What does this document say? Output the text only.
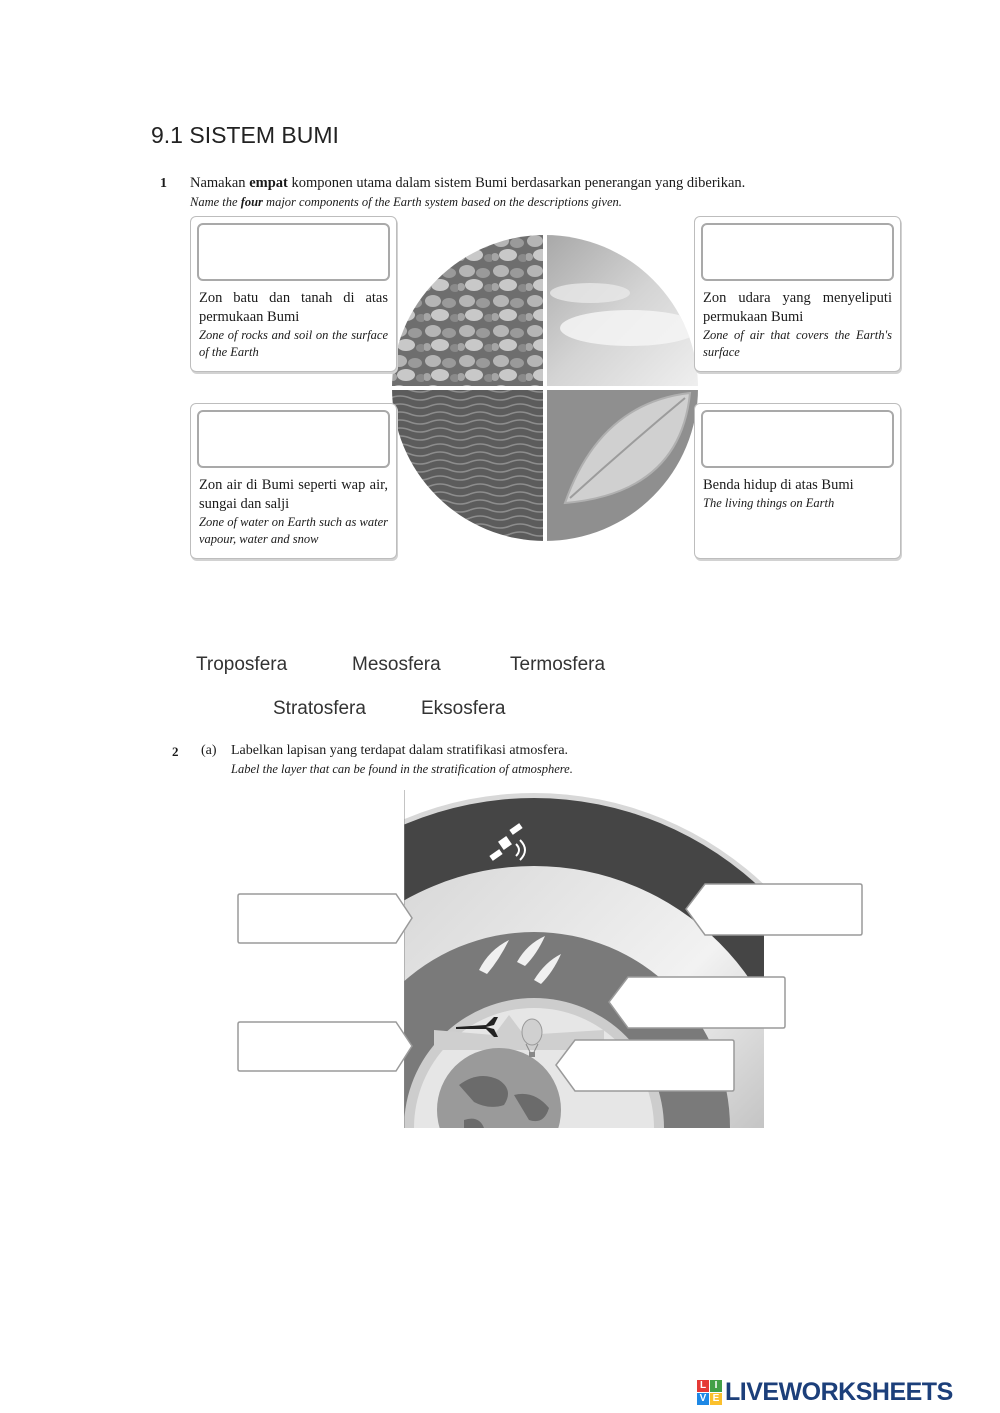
9.1 SISTEM BUMI
1 Namakan empat komponen utama dalam sistem Bumi berdasarkan penerangan yang diberikan.
Name the four major components of the Earth system based on the descriptions given.
Zon batu dan tanah di atas permukaan Bumi
Zone of rocks and soil on the surface of the Earth
Zon udara yang menyeliputi permukaan Bumi
Zone of air that covers the Earth's surface
Zon air di Bumi seperti wap air, sungai dan salji
Zone of water on Earth such as water vapour, water and snow
Benda hidup di atas Bumi
The living things on Earth
Troposfera	Mesosfera	Termosfera
Stratosfera	Eksosfera
2 (a) Labelkan lapisan yang terdapat dalam stratifikasi atmosfera.
Label the layer that can be found in the stratification of atmosphere.
L I
V E LIVEWORKSHEETS
